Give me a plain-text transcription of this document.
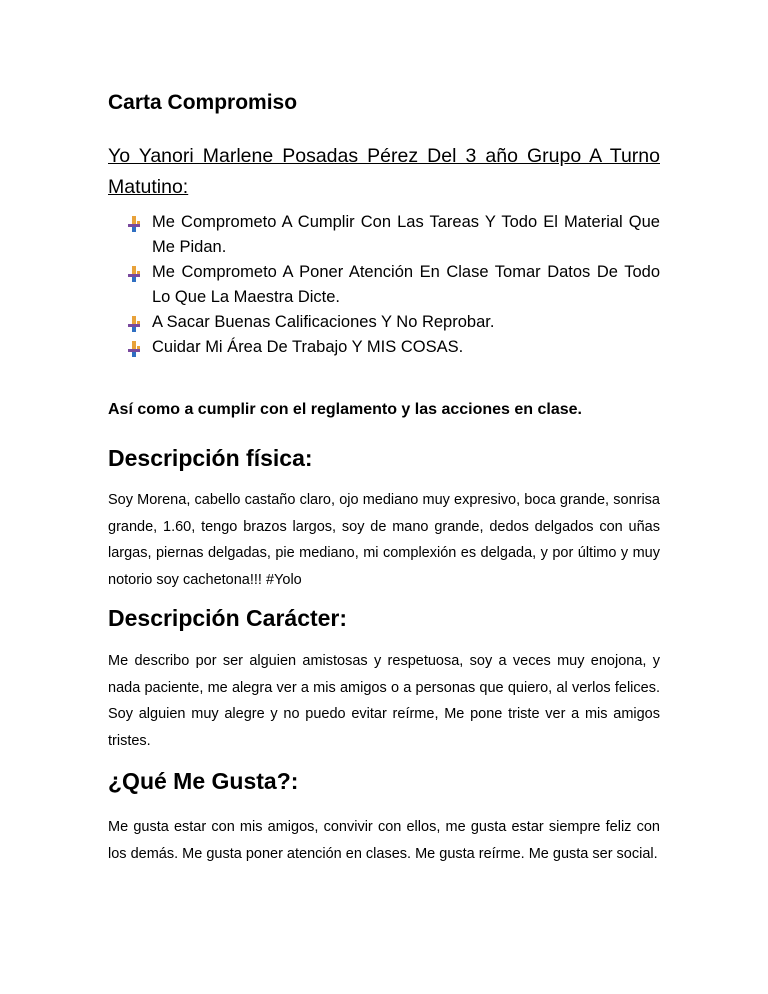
Carta Compromiso

Yo Yanori Marlene Posadas Pérez Del 3 año Grupo A Turno Matutino:

Me Comprometo A Cumplir Con Las Tareas Y Todo El Material Que Me Pidan.
Me Comprometo A Poner Atención En Clase Tomar Datos De Todo Lo Que La Maestra Dicte.
A Sacar Buenas Calificaciones Y No Reprobar.
Cuidar Mi Área De Trabajo Y MIS COSAS.

Así como a cumplir con el reglamento y las acciones en clase.

Descripción física:

Soy Morena, cabello castaño claro, ojo mediano muy expresivo, boca grande, sonrisa grande, 1.60, tengo brazos largos, soy de mano grande, dedos delgados con uñas largas, piernas delgadas, pie mediano, mi complexión es delgada, y por último y muy notorio soy cachetona!!! #Yolo

Descripción Carácter:

Me describo por ser alguien amistosas y respetuosa, soy a veces muy enojona, y nada paciente, me alegra ver a mis amigos o a personas que quiero, al verlos felices. Soy alguien muy alegre y no puedo evitar reírme, Me pone triste ver a mis amigos tristes.

¿Qué Me Gusta?:

Me gusta estar con mis amigos, convivir con ellos, me gusta estar siempre feliz con los demás. Me gusta poner atención en clases. Me gusta reírme. Me gusta ser social.
